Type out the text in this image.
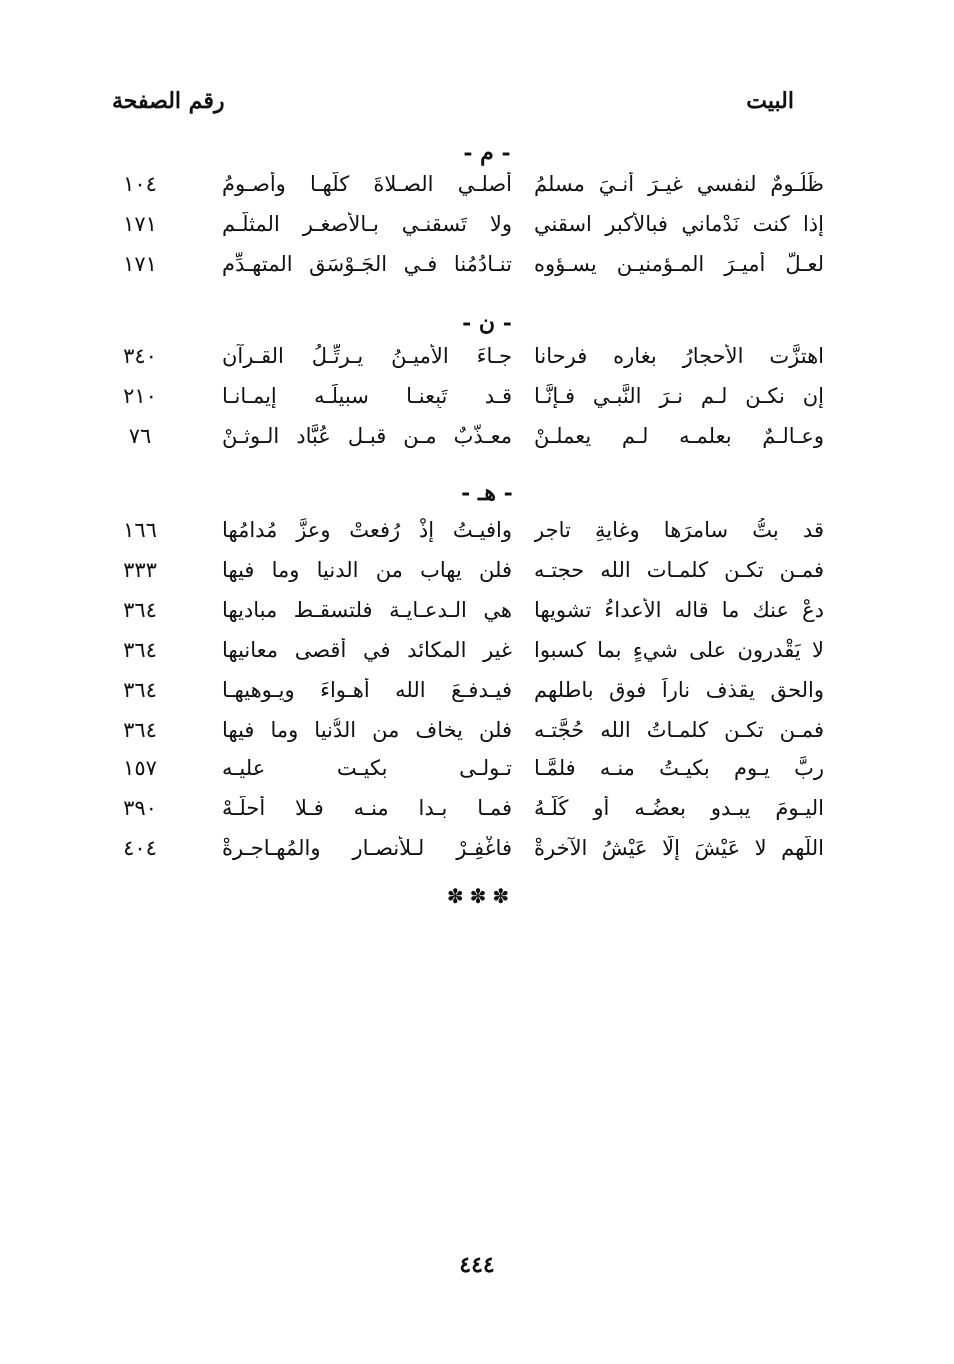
البيت
رقم الصفحة
- م -
ظَلُـومٌ لنفسي غيـرَ أنـيَ مسلمُ
أُصلـي الصـلاةَ كلَّهـا وأصـومُ
١٠٤
إذا كنت نَدْماني فبالأكبر اسقني
ولا تَسقنـي بـالأصغـر المثلَّـمِ
١٧١
لعـلَّ أميـرَ المـؤمنيـن يسـؤوه
تنـادُمُنا فـي الجَـوْسَق المتهـدِّمِ
١٧١
- ن -
اهتزَّت الأحجارُ بغاره فرحانا
جـاءَ الأميـنُ يـرتِّـلُ القـرآن
٣٤٠
إن نكـن لـم نـرَ النَّبـي فـإنَّـا
قـد تَبِعنـا سبيلَـه إيمـانـا
٢١٠
وعـالـمٌ بعلمـه لـم يعملـنْ
معـذَّبٌ مـن قبـلِ عُبَّاد الـوثـنْ
٧٦
- هـ -
قد بتُّ سامرَها وغايةِ تاجرٍ
وافيـتُ إذْ رُفعتْ وعزَّ مُدامُها
١٦٦
فمـن تكـن كلمـات الله حجتـه
فلن يهاب من الدنيا وما فيها
٣٣٣
دعْ عنك ما قاله الأعداءُ تشويها
هي الـدعـايـة فلتسقـط مباديها
٣٦٤
لا يَقْدرون على شيءٍ بما كسبوا
غير المكائد في أقصى معانيها
٣٦٤
والحق يقذف ناراً فوق باطلهم
فيـدفـعَ الله أهـواءَ ويـوهيهـا
٣٦٤
فمـن تكـن كلمـاتُ الله حُجَّتـه
فلن يخاف من الدُّنيا وما فيها
٣٦٤
ربَّ يـوم بكيـتُ منـه فلمَّـا
تـولـى بكيـت عليـه
١٥٧
اليـومَ يبـدو بعضُـه أو كُلُّـهُ
فمـا بـدا منـه فـلا أُحلُّـهْ
٣٩٠
اللَّهم لا عَيْشَ إلَّا عَيْشُ الآخرةْ
فاغْفِـرْ لـلأنصـارِ والمُهـاجـرةْ
٤٠٤
✽✽✽
٤٤٤
